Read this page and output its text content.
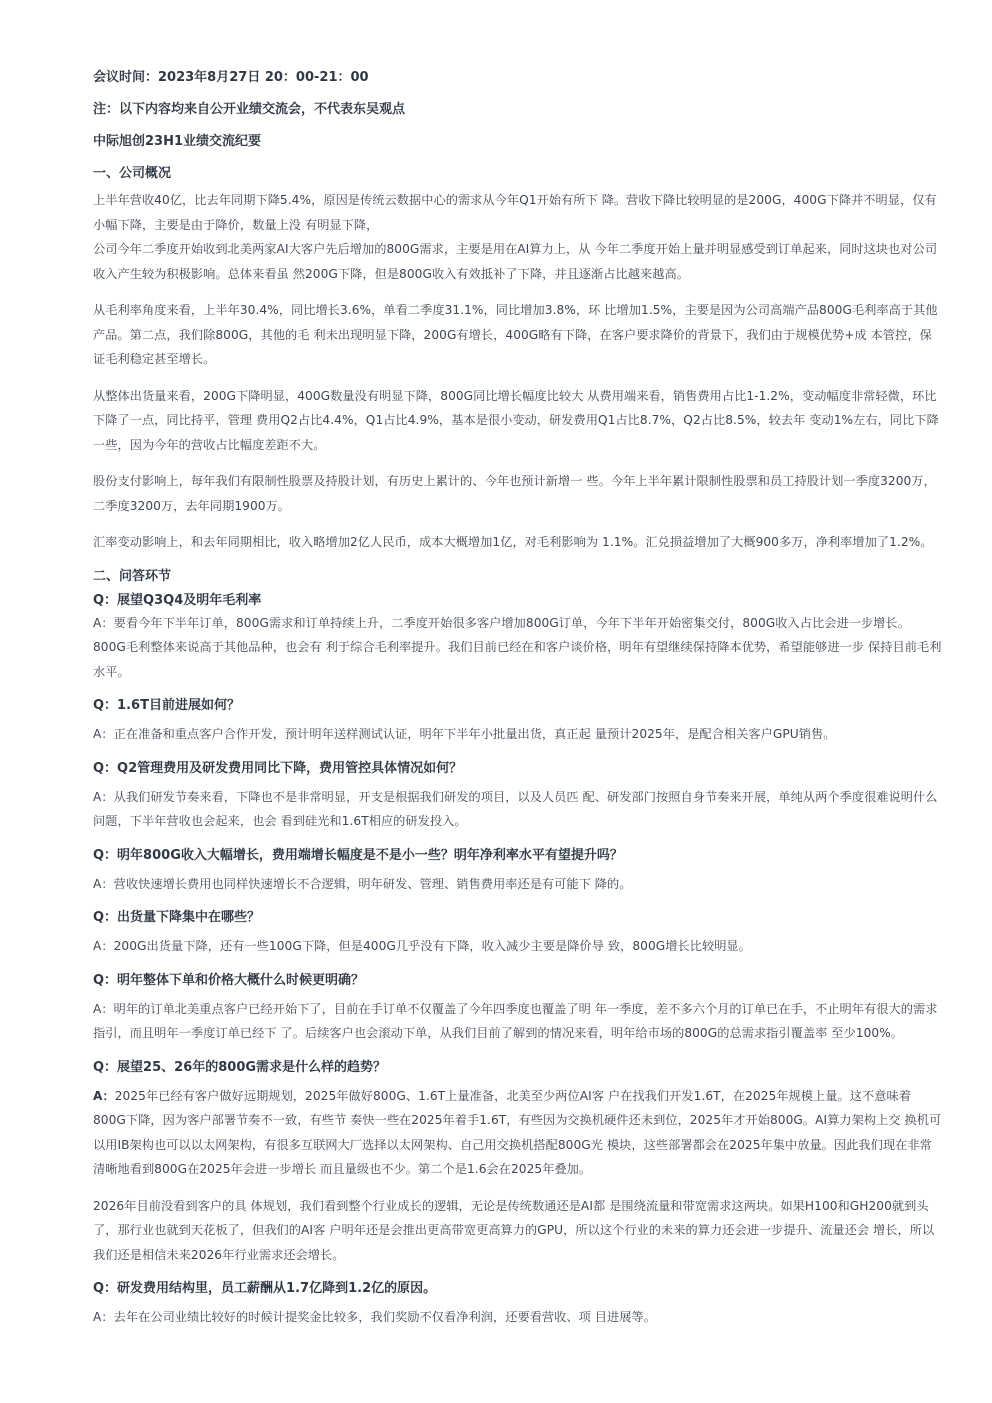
会议时间：2023年8月27日 20：00-21：00
注：以下内容均来自公开业绩交流会，不代表东吴观点
中际旭创23H1业绩交流纪要
一、公司概况
上半年营收40亿，比去年同期下降5.4%，原因是传统云数据中心的需求从今年Q1开始有所下 降。营收下降比较明显的是200G，400G下降并不明显，仅有小幅下降，主要是由于降价，数量上没 有明显下降，
公司今年二季度开始收到北美两家AI大客户先后增加的800G需求，主要是用在AI算力上，从 今年二季度开始上量并明显感受到订单起来，同时这块也对公司收入产生较为积极影响。总体来看虽 然200G下降，但是800G收入有效抵补了下降，并且逐渐占比越来越高。
从毛利率角度来看，上半年30.4%，同比增长3.6%，单看二季度31.1%，同比增加3.8%，环 比增加1.5%，主要是因为公司高端产品800G毛利率高于其他产品。第二点，我们除800G，其他的毛 利未出现明显下降，200G有增长，400G略有下降，在客户要求降价的背景下，我们由于规模优势+成 本管控，保证毛利稳定甚至增长。
从整体出货量来看，200G下降明显，400G数量没有明显下降，800G同比增长幅度比较大 从费用端来看，销售费用占比1-1.2%，变动幅度非常轻微，环比下降了一点，同比持平，管理 费用Q2占比4.4%，Q1占比4.9%，基本是很小变动，研发费用Q1占比8.7%，Q2占比8.5%，较去年 变动1%左右，同比下降一些，因为今年的营收占比幅度差距不大。
股份支付影响上，每年我们有限制性股票及持股计划，有历史上累计的、今年也预计新增一 些。今年上半年累计限制性股票和员工持股计划一季度3200万，二季度3200万，去年同期1900万。
汇率变动影响上，和去年同期相比，收入略增加2亿人民币，成本大概增加1亿，对毛利影响为 1.1%。汇兑损益增加了大概900多万，净利率增加了1.2%。
二、问答环节
Q：展望Q3Q4及明年毛利率
A：要看今年下半年订单，800G需求和订单持续上升，二季度开始很多客户增加800G订单，今年下半年开始密集交付，800G收入占比会进一步增长。800G毛利整体来说高于其他品种，也会有 利于综合毛利率提升。我们目前已经在和客户谈价格，明年有望继续保持降本优势，希望能够进一步 保持目前毛利水平。
Q：1.6T目前进展如何？
A：正在准备和重点客户合作开发，预计明年送样测试认证，明年下半年小批量出货，真正起 量预计2025年，是配合相关客户GPU销售。
Q：Q2管理费用及研发费用同比下降，费用管控具体情况如何？
A：从我们研发节奏来看，下降也不是非常明显，开支是根据我们研发的项目，以及人员匹 配、研发部门按照自身节奏来开展，单纯从两个季度很难说明什么问题，下半年营收也会起来，也会 看到硅光和1.6T相应的研发投入。
Q：明年800G收入大幅增长，费用端增长幅度是不是小一些？明年净利率水平有望提升吗？
A：营收快速增长费用也同样快速增长不合逻辑，明年研发、管理、销售费用率还是有可能下 降的。
Q：出货量下降集中在哪些？
A：200G出货量下降，还有一些100G下降，但是400G几乎没有下降，收入减少主要是降价导 致，800G增长比较明显。
Q：明年整体下单和价格大概什么时候更明确？
A：明年的订单北美重点客户已经开始下了，目前在手订单不仅覆盖了今年四季度也覆盖了明 年一季度，差不多六个月的订单已在手，不止明年有很大的需求指引，而且明年一季度订单已经下 了。后续客户也会滚动下单，从我们目前了解到的情况来看，明年给市场的800G的总需求指引覆盖率 至少100%。
Q：展望25、26年的800G需求是什么样的趋势？
A：2025年已经有客户做好远期规划，2025年做好800G、1.6T上量准备，北美至少两位AI客 户在找我们开发1.6T，在2025年规模上量。这不意味着800G下降，因为客户部署节奏不一致，有些节 奏快一些在2025年着手1.6T，有些因为交换机硬件还未到位，2025年才开始800G。AI算力架构上交 换机可以用IB架构也可以以太网架构，有很多互联网大厂选择以太网架构、自己用交换机搭配800G光 模块，这些部署都会在2025年集中放量。因此我们现在非常清晰地看到800G在2025年会进一步增长 而且量级也不少。第二个是1.6会在2025年叠加。
2026年目前没看到客户的具 体规划，我们看到整个行业成长的逻辑，无论是传统数通还是AI都 是围绕流量和带宽需求这两块。如果H100和GH200就到头了，那行业也就到天花板了，但我们的AI客 户明年还是会推出更高带宽更高算力的GPU，所以这个行业的未来的算力还会进一步提升、流量还会 增长，所以我们还是相信未来2026年行业需求还会增长。
Q：研发费用结构里，员工薪酬从1.7亿降到1.2亿的原因。
A：去年在公司业绩比较好的时候计提奖金比较多，我们奖励不仅看净利润，还要看营收、项 目进展等。
